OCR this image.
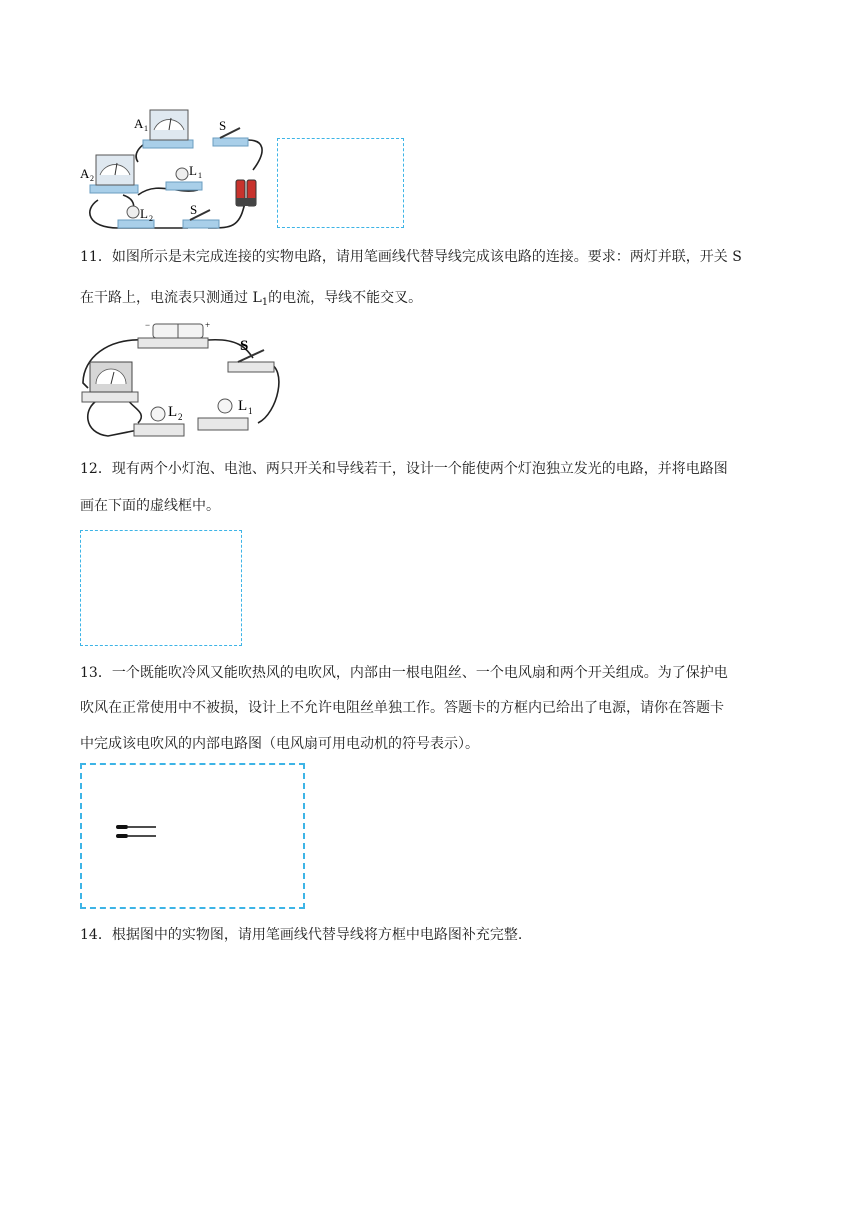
A 1
A 2
S
L 1
L 2
S
11．如图所示是未完成连接的实物电路，请用笔画线代替导线完成该电路的连接。要求：两灯并联，开关 S
在干路上，电流表只测通过 $L_1$的电流，导线不能交叉。
+
−
S
L 2
L 1
12．现有两个小灯泡、电池、两只开关和导线若干，设计一个能使两个灯泡独立发光的电路，并将电路图
画在下面的虚线框中。
13．一个既能吹冷风又能吹热风的电吹风，内部由一根电阻丝、一个电风扇和两个开关组成。为了保护电
吹风在正常使用中不被损，设计上不允许电阻丝单独工作。答题卡的方框内已给出了电源，请你在答题卡
中完成该电吹风的内部电路图（电风扇可用电动机的符号表示）。
14．根据图中的实物图，请用笔画线代替导线将方框中电路图补充完整.
